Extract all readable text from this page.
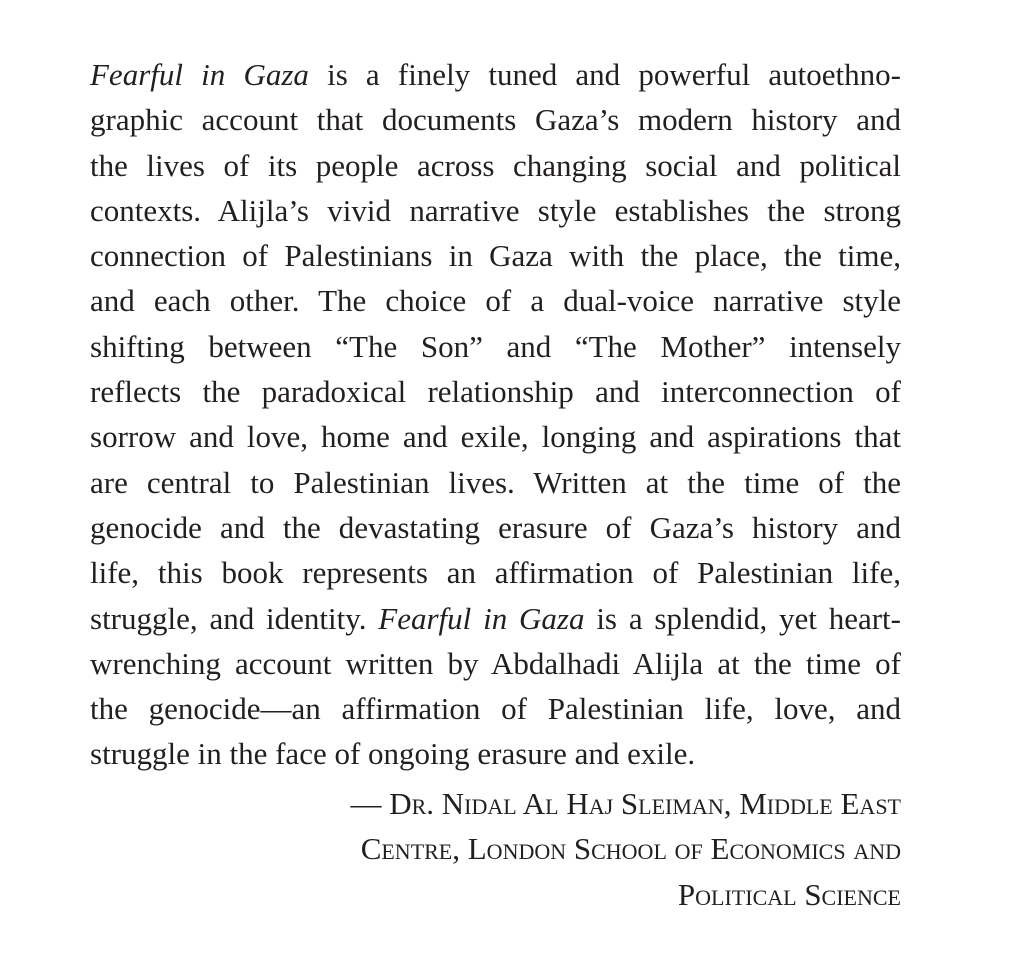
Fearful in Gaza is a finely tuned and powerful autoethno-
graphic account that documents Gaza’s modern history and
the lives of its people across changing social and political
contexts. Alijla’s vivid narrative style establishes the strong
connection of Palestinians in Gaza with the place, the time,
and each other. The choice of a dual-voice narrative style
shifting between “The Son” and “The Mother” intensely
reflects the paradoxical relationship and interconnection of
sorrow and love, home and exile, longing and aspirations that
are central to Palestinian lives. Written at the time of the
genocide and the devastating erasure of Gaza’s history and
life, this book represents an affirmation of Palestinian life,
struggle, and identity. Fearful in Gaza is a splendid, yet heart-
wrenching account written by Abdalhadi Alijla at the time of
the genocide—an affirmation of Palestinian life, love, and
struggle in the face of ongoing erasure and exile.
— Dr. Nidal Al Haj Sleiman, Middle East
Centre, London School of Economics and
Political Science
